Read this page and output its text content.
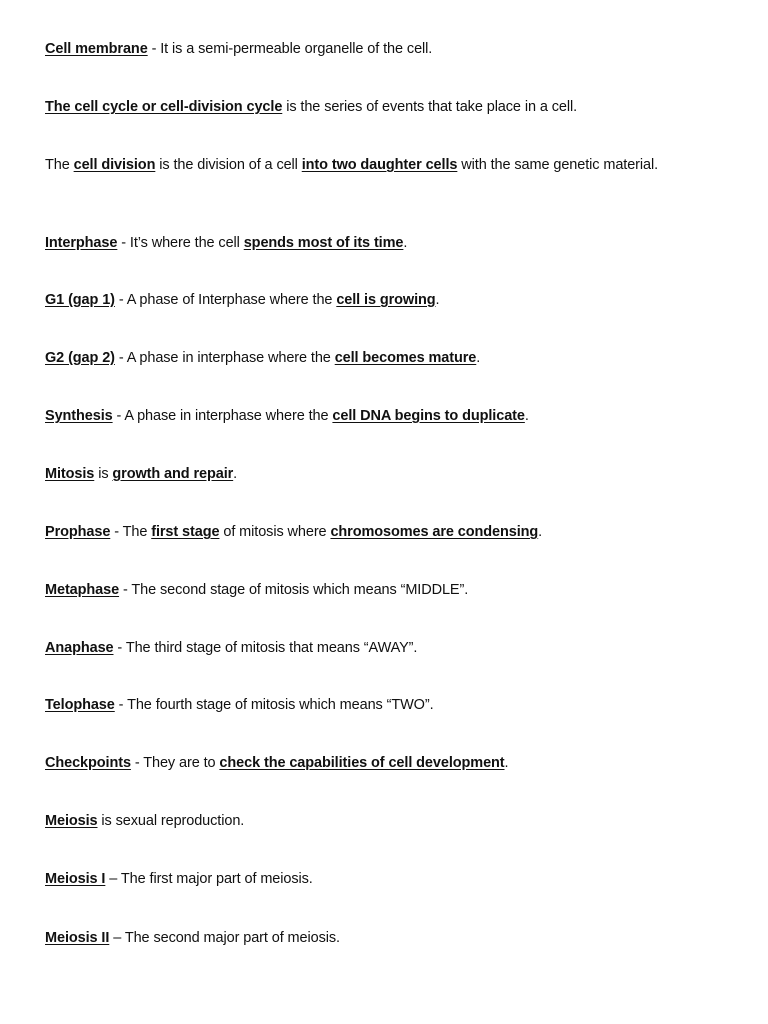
Cell membrane - It is a semi-permeable organelle of the cell.
The cell cycle or cell-division cycle is the series of events that take place in a cell.
The cell division is the division of a cell into two daughter cells with the same genetic material.
Interphase - It’s where the cell spends most of its time.
G1 (gap 1) - A phase of Interphase where the cell is growing.
G2 (gap 2) - A phase in interphase where the cell becomes mature.
Synthesis - A phase in interphase where the cell DNA begins to duplicate.
Mitosis is growth and repair.
Prophase - The first stage of mitosis where chromosomes are condensing.
Metaphase - The second stage of mitosis which means “MIDDLE”.
Anaphase - The third stage of mitosis that means “AWAY”.
Telophase - The fourth stage of mitosis which means “TWO”.
Checkpoints - They are to check the capabilities of cell development.
Meiosis is sexual reproduction.
Meiosis I – The first major part of meiosis.
Meiosis II – The second major part of meiosis.
